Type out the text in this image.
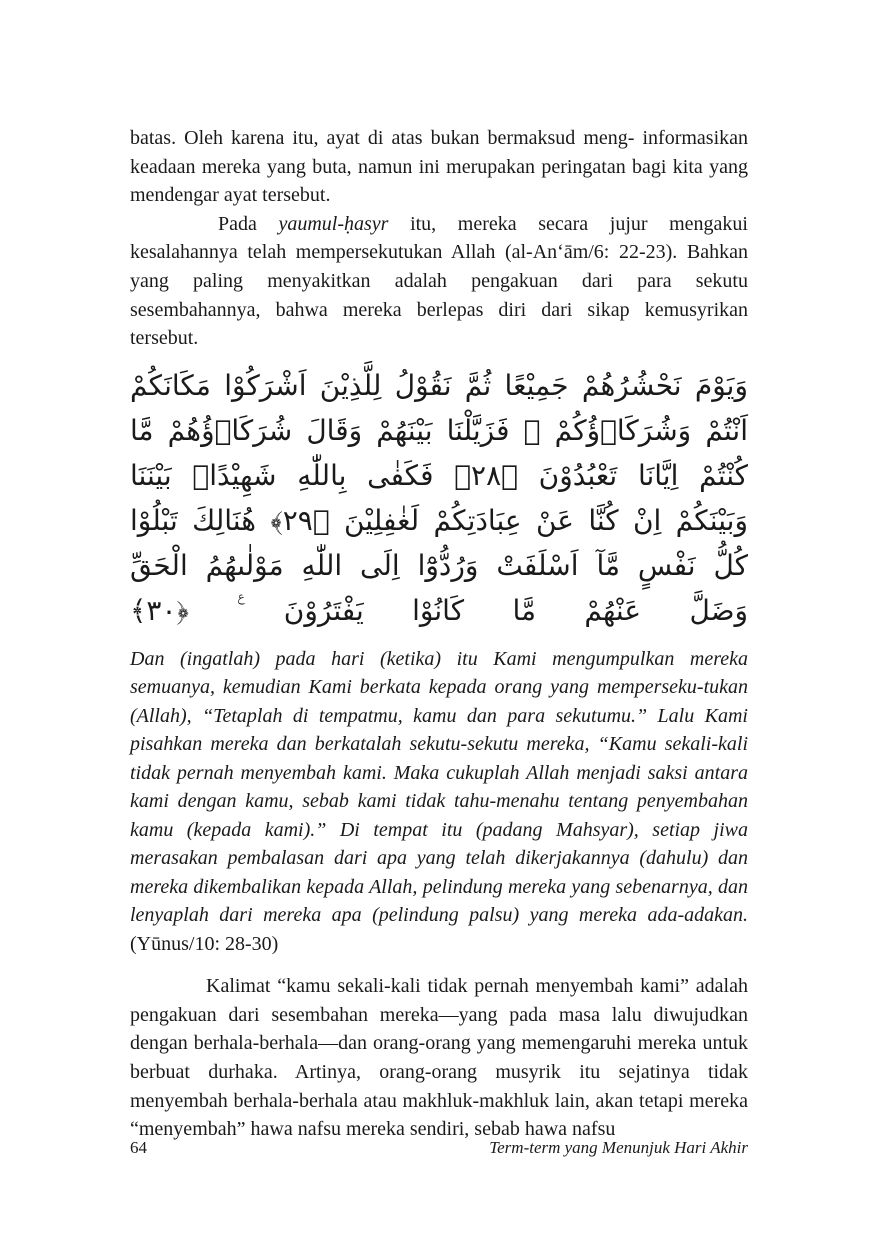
batas. Oleh karena itu, ayat di atas bukan bermaksud meng- informasikan keadaan mereka yang buta, namun ini merupakan peringatan bagi kita yang mendengar ayat tersebut.

Pada yaumul-ḥasyr itu, mereka secara jujur mengakui kesalahannya telah mempersekutukan Allah (al-An‘ām/6: 22-23). Bahkan yang paling menyakitkan adalah pengakuan dari para sekutu sesembahannya, bahwa mereka berlepas diri dari sikap kemusyrikan tersebut.

وَيَوْمَ نَحْشُرُهُمْ جَمِيْعًا ثُمَّ نَقُوْلُ لِلَّذِيْنَ اَشْرَكُوْا مَكَانَكُمْ اَنْتُمْ وَشُرَكَاۤؤُكُمْ ۚ فَزَيَّلْنَا بَيْنَهُمْ وَقَالَ شُرَكَاۤؤُهُمْ مَّا كُنْتُمْ اِيَّانَا تَعْبُدُوْنَ ﴿٢٨﴾ فَكَفٰى بِاللّٰهِ شَهِيْدًاۢ بَيْنَنَا وَبَيْنَكُمْ اِنْ كُنَّا عَنْ عِبَادَتِكُمْ لَغٰفِلِيْنَ ﴿٢٩﴾ هُنَالِكَ تَبْلُوْا كُلُّ نَفْسٍ مَّآ اَسْلَفَتْ وَرُدُّوْٓا اِلَى اللّٰهِ مَوْلٰىهُمُ الْحَقِّ وَضَلَّ عَنْهُمْ مَّا كَانُوْا يَفْتَرُوْنَ ࣖ ﴿٣٠﴾

Dan (ingatlah) pada hari (ketika) itu Kami mengumpulkan mereka semuanya, kemudian Kami berkata kepada orang yang memperseku-tukan (Allah), “Tetaplah di tempatmu, kamu dan para sekutumu.” Lalu Kami pisahkan mereka dan berkatalah sekutu-sekutu mereka, “Kamu sekali-kali tidak pernah menyembah kami. Maka cukuplah Allah menjadi saksi antara kami dengan kamu, sebab kami tidak tahu-menahu tentang penyembahan kamu (kepada kami).” Di tempat itu (padang Mahsyar), setiap jiwa merasakan pembalasan dari apa yang telah dikerjakannya (dahulu) dan mereka dikembalikan kepada Allah, pelindung mereka yang sebenarnya, dan lenyaplah dari mereka apa (pelindung palsu) yang mereka ada-adakan. (Yūnus/10: 28-30)

Kalimat “kamu sekali-kali tidak pernah menyembah kami” adalah pengakuan dari sesembahan mereka—yang pada masa lalu diwujudkan dengan berhala-berhala—dan orang-orang yang memengaruhi mereka untuk berbuat durhaka. Artinya, orang-orang musyrik itu sejatinya tidak menyembah berhala-berhala atau makhluk-makhluk lain, akan tetapi mereka “menyembah” hawa nafsu mereka sendiri, sebab hawa nafsu

64	Term-term yang Menunjuk Hari Akhir
